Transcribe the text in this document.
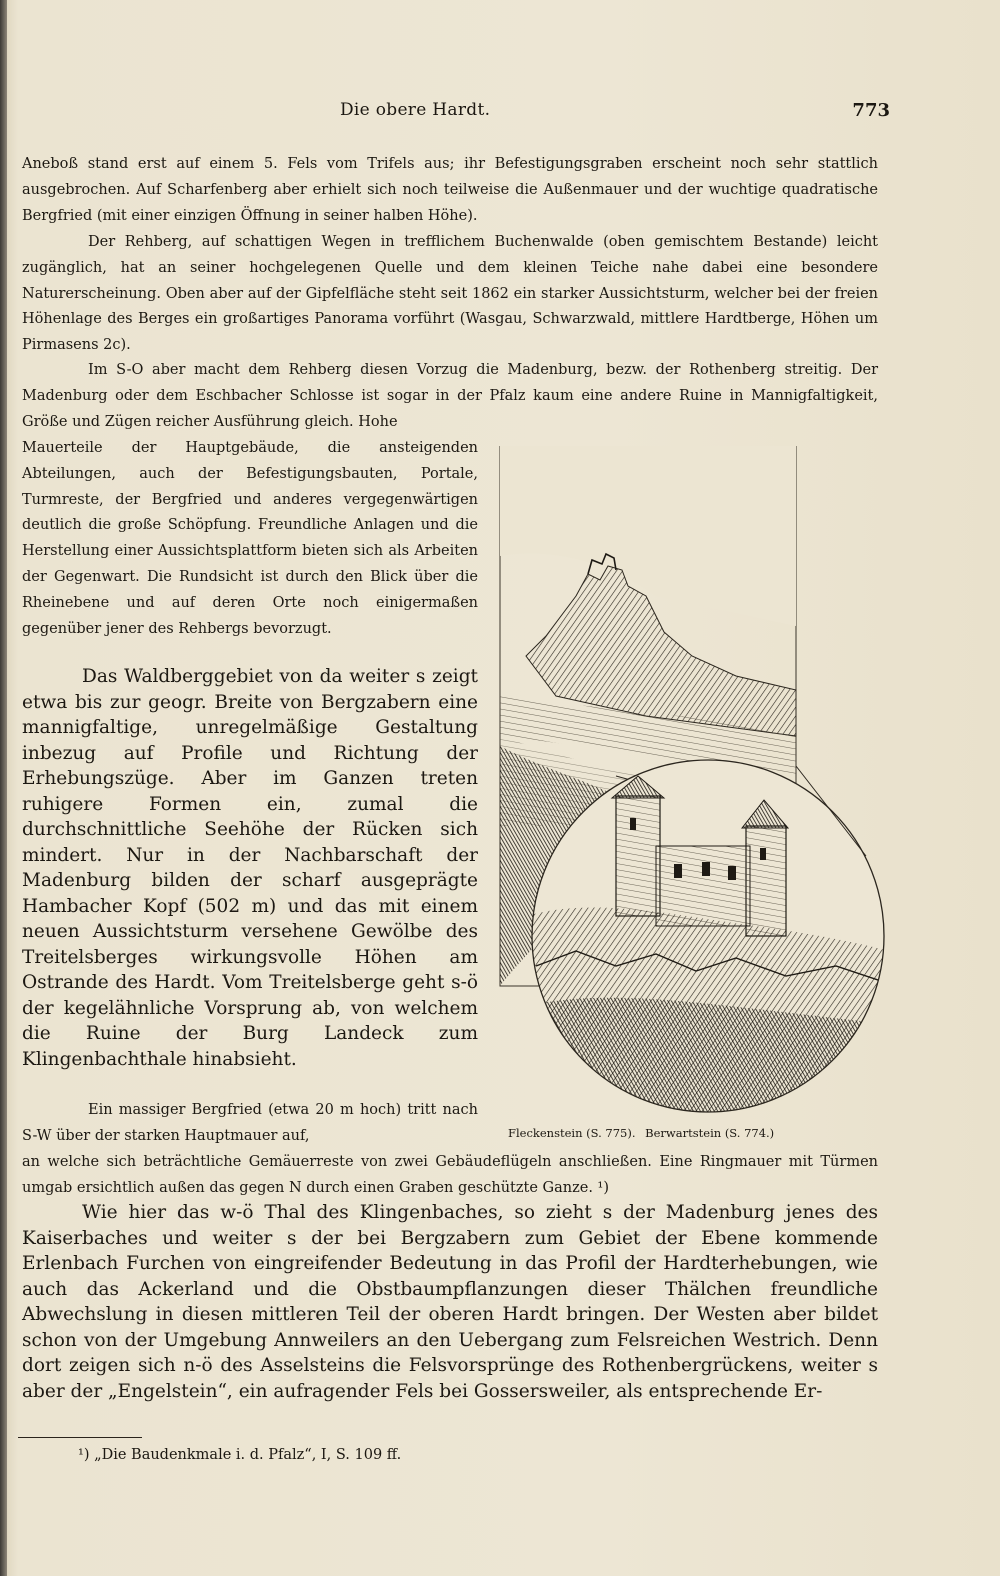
Die obere Hardt.	773

Aneboß stand erst auf einem 5. Fels vom Trifels aus; ihr Befestigungsgraben erscheint noch sehr stattlich ausgebrochen. Auf Scharfenberg aber erhielt sich noch teilweise die Außenmauer und der wuchtige quadratische Bergfried (mit einer einzigen Öffnung in seiner halben Höhe).

Der Rehberg, auf schattigen Wegen in trefflichem Buchenwalde (oben gemischtem Bestande) leicht zugänglich, hat an seiner hochgelegenen Quelle und dem kleinen Teiche nahe dabei eine besondere Naturerscheinung. Oben aber auf der Gipfelfläche steht seit 1862 ein starker Aussichtsturm, welcher bei der freien Höhenlage des Berges ein großartiges Panorama vorführt (Wasgau, Schwarzwald, mittlere Hardtberge, Höhen um Pirmasens 2c).

Im S-O aber macht dem Rehberg diesen Vorzug die Madenburg, bezw. der Rothenberg streitig. Der Madenburg oder dem Eschbacher Schlosse ist sogar in der Pfalz kaum eine andere Ruine in Mannigfaltigkeit, Größe und Zügen reicher Ausführung gleich. Hohe

Mauerteile der Hauptgebäude, die ansteigenden Abteilungen, auch der Befestigungsbauten, Portale, Turmreste, der Bergfried und anderes vergegenwärtigen deutlich die große Schöpfung. Freundliche Anlagen und die Herstellung einer Aussichtsplattform bieten sich als Arbeiten der Gegenwart. Die Rundsicht ist durch den Blick über die Rheinebene und auf deren Orte noch einigermaßen gegenüber jener des Rehbergs bevorzugt.

Das Waldberggebiet von da weiter s zeigt etwa bis zur geogr. Breite von Bergzabern eine mannigfaltige, unregelmäßige Gestaltung inbezug auf Profile und Richtung der Erhebungszüge. Aber im Ganzen treten ruhigere Formen ein, zumal die durchschnittliche Seehöhe der Rücken sich mindert. Nur in der Nachbarschaft der Madenburg bilden der scharf ausgeprägte Hambacher Kopf (502 m) und das mit einem neuen Aussichtsturm versehene Gewölbe des Treitelsberges wirkungsvolle Höhen am Ostrande des Hardt. Vom Treitelsberge geht s-ö der kegelähnliche Vorsprung ab, von welchem die Ruine der Burg Landeck zum Klingenbachthale hinabsieht.

Ein massiger Bergfried (etwa 20 m hoch) tritt nach S-W über der starken Hauptmauer auf,

an welche sich beträchtliche Gemäuerreste von zwei Gebäudeflügeln anschließen. Eine Ringmauer mit Türmen umgab ersichtlich außen das gegen N durch einen Graben geschützte Ganze. ¹)

Wie hier das w-ö Thal des Klingenbaches, so zieht s der Madenburg jenes des Kaiserbaches und weiter s der bei Bergzabern zum Gebiet der Ebene kommende Erlenbach Furchen von eingreifender Bedeutung in das Profil der Hardterhebungen, wie auch das Ackerland und die Obstbaumpflanzungen dieser Thälchen freundliche Abwechslung in diesen mittleren Teil der oberen Hardt bringen. Der Westen aber bildet schon von der Umgebung Annweilers an den Uebergang zum Felsreichen Westrich. Denn dort zeigen sich n-ö des Asselsteins die Felsvorsprünge des Rothenbergrückens, weiter s aber der „Engelstein“, ein aufragender Fels bei Gossersweiler, als entsprechende Er-

Fleckenstein (S. 775). Berwartstein (S. 774.)
¹) „Die Baudenkmale i. d. Pfalz“, I, S. 109 ff.
